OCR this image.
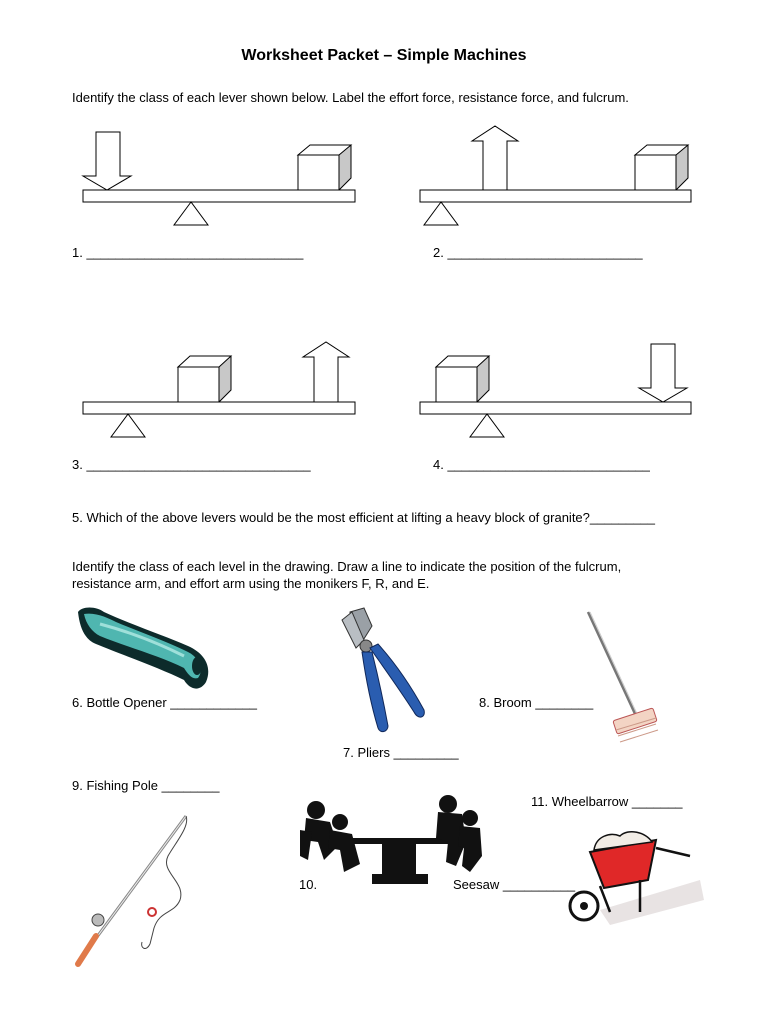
Worksheet Packet – Simple Machines
Identify the class of each lever shown below. Label the effort force, resistance force, and fulcrum.
1. ______________________________	2. ___________________________
3. _______________________________	4. ____________________________
5. Which of the above levers would be the most efficient at lifting a heavy block of granite?_________
Identify the class of each level in the drawing. Draw a line to indicate the position of the fulcrum,
resistance arm, and effort arm using the monikers F, R, and E.
6. Bottle Opener ____________	8. Broom ________
7. Pliers _________
9. Fishing Pole ________
11. Wheelbarrow _______
10.	Seesaw __________
